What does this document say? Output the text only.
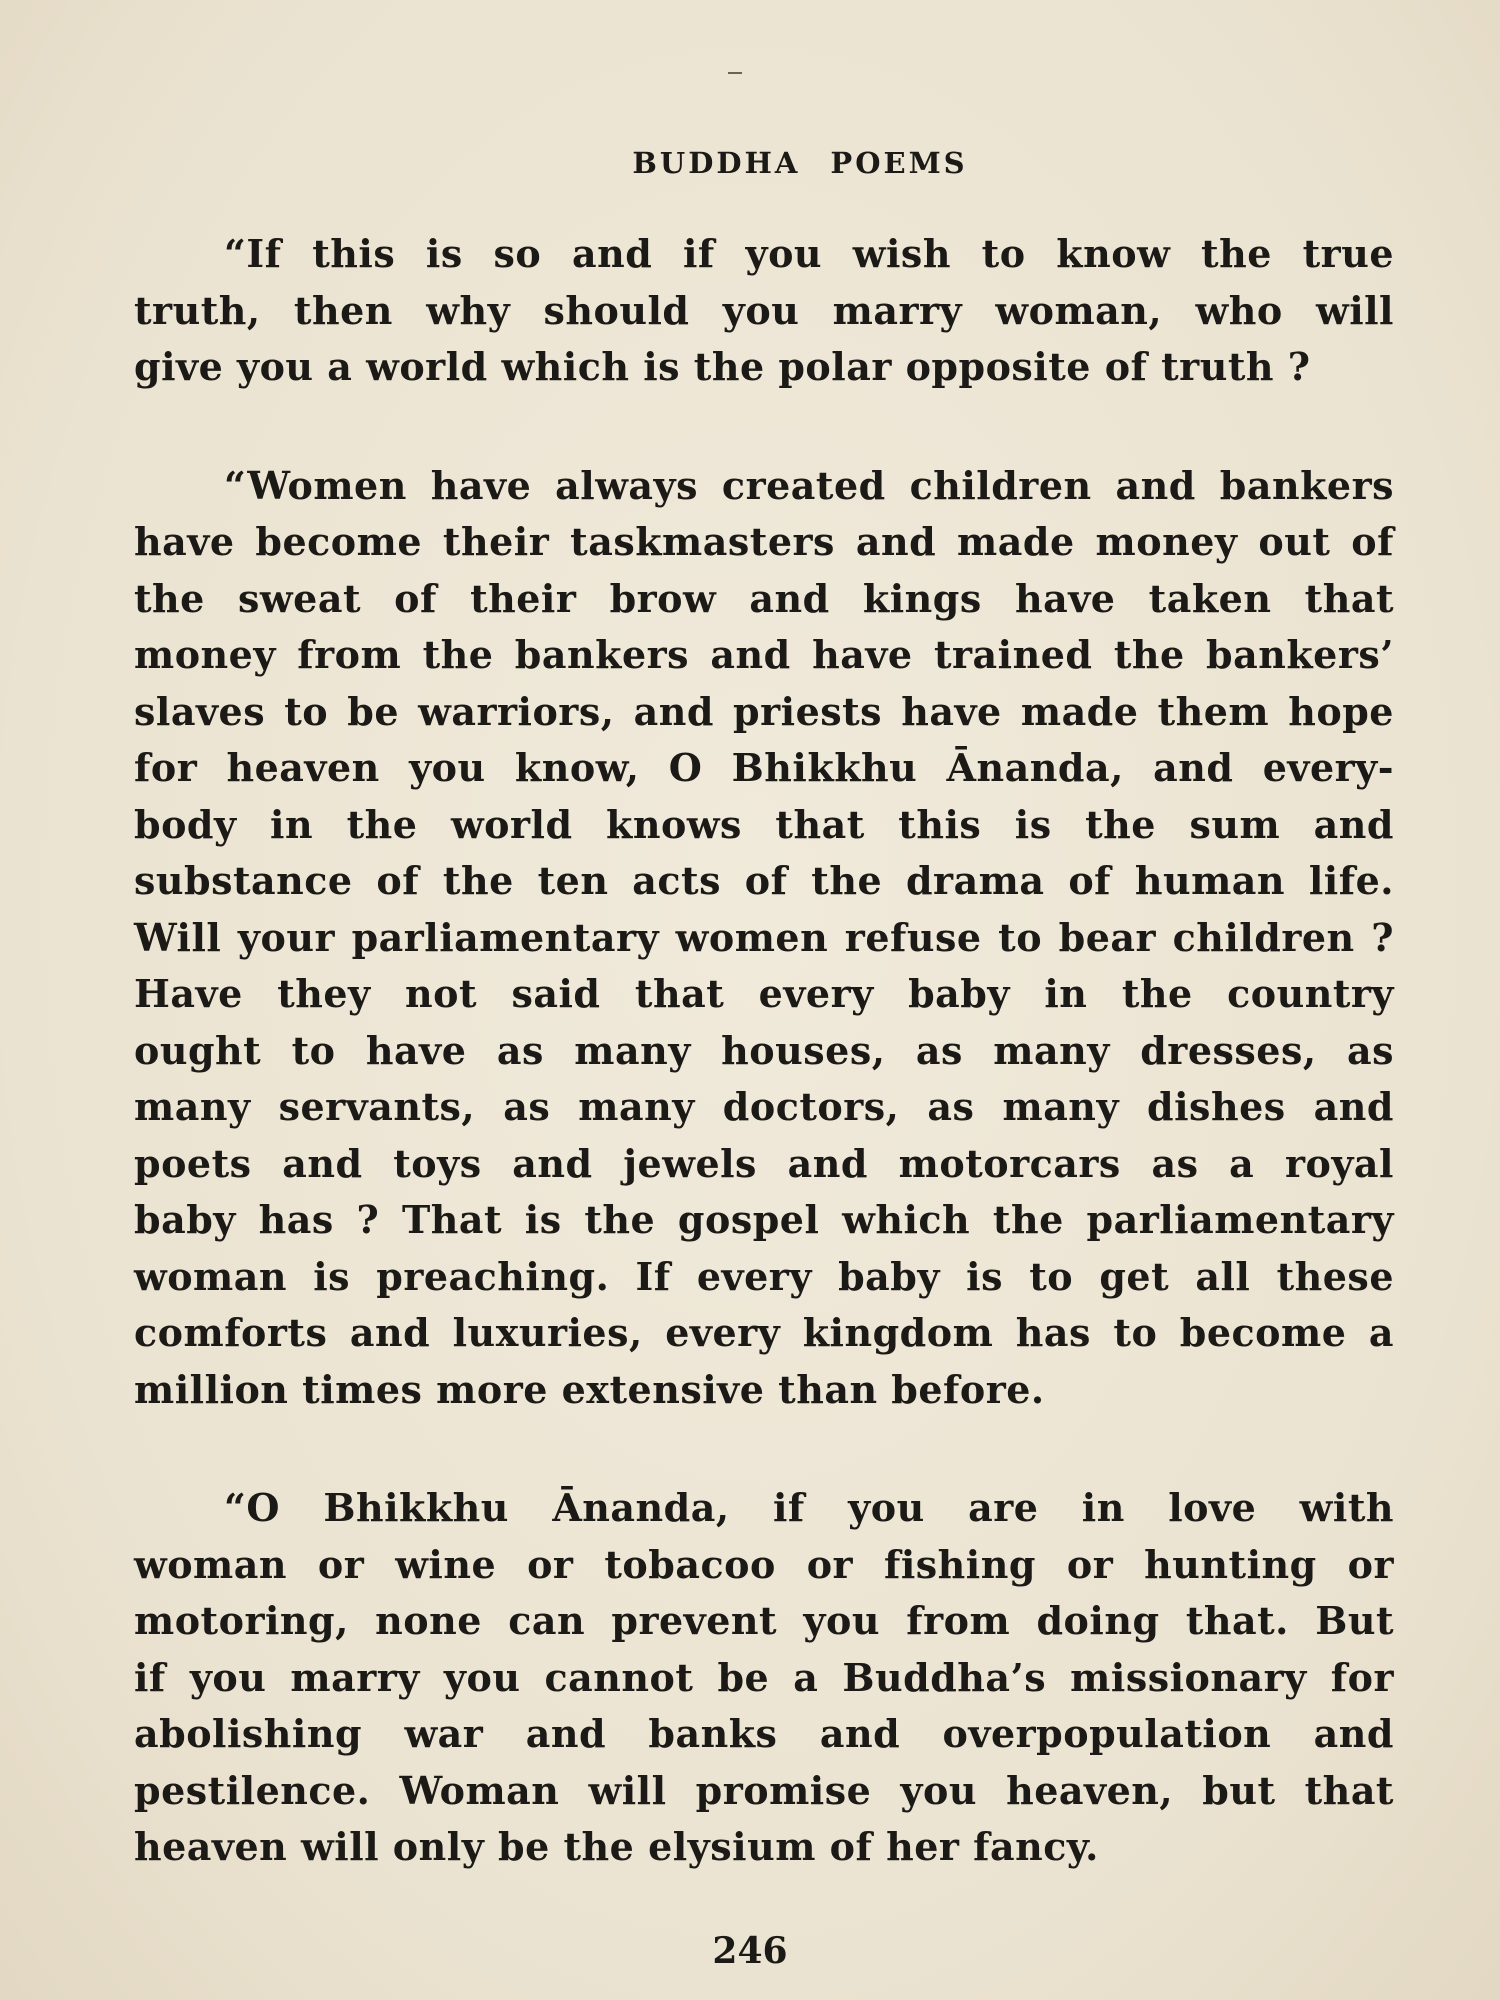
BUDDHA POEMS

“If this is so and if you wish to know the true
truth, then why should you marry woman, who will
give you a world which is the polar opposite of truth ?

“Women have always created children and bankers
have become their taskmasters and made money out of
the sweat of their brow and kings have taken that
money from the bankers and have trained the bankers’
slaves to be warriors, and priests have made them hope
for heaven you know, O Bhikkhu Ānanda, and every-
body in the world knows that this is the sum and
substance of the ten acts of the drama of human life.
Will your parliamentary women refuse to bear children ?
Have they not said that every baby in the country
ought to have as many houses, as many dresses, as
many servants, as many doctors, as many dishes and
poets and toys and jewels and motorcars as a royal
baby has ? That is the gospel which the parliamentary
woman is preaching. If every baby is to get all these
comforts and luxuries, every kingdom has to become a
million times more extensive than before.

“O Bhikkhu Ānanda, if you are in love with
woman or wine or tobacoo or fishing or hunting or
motoring, none can prevent you from doing that. But
if you marry you cannot be a Buddha’s missionary for
abolishing war and banks and overpopulation and
pestilence. Woman will promise you heaven, but that
heaven will only be the elysium of her fancy.

246
